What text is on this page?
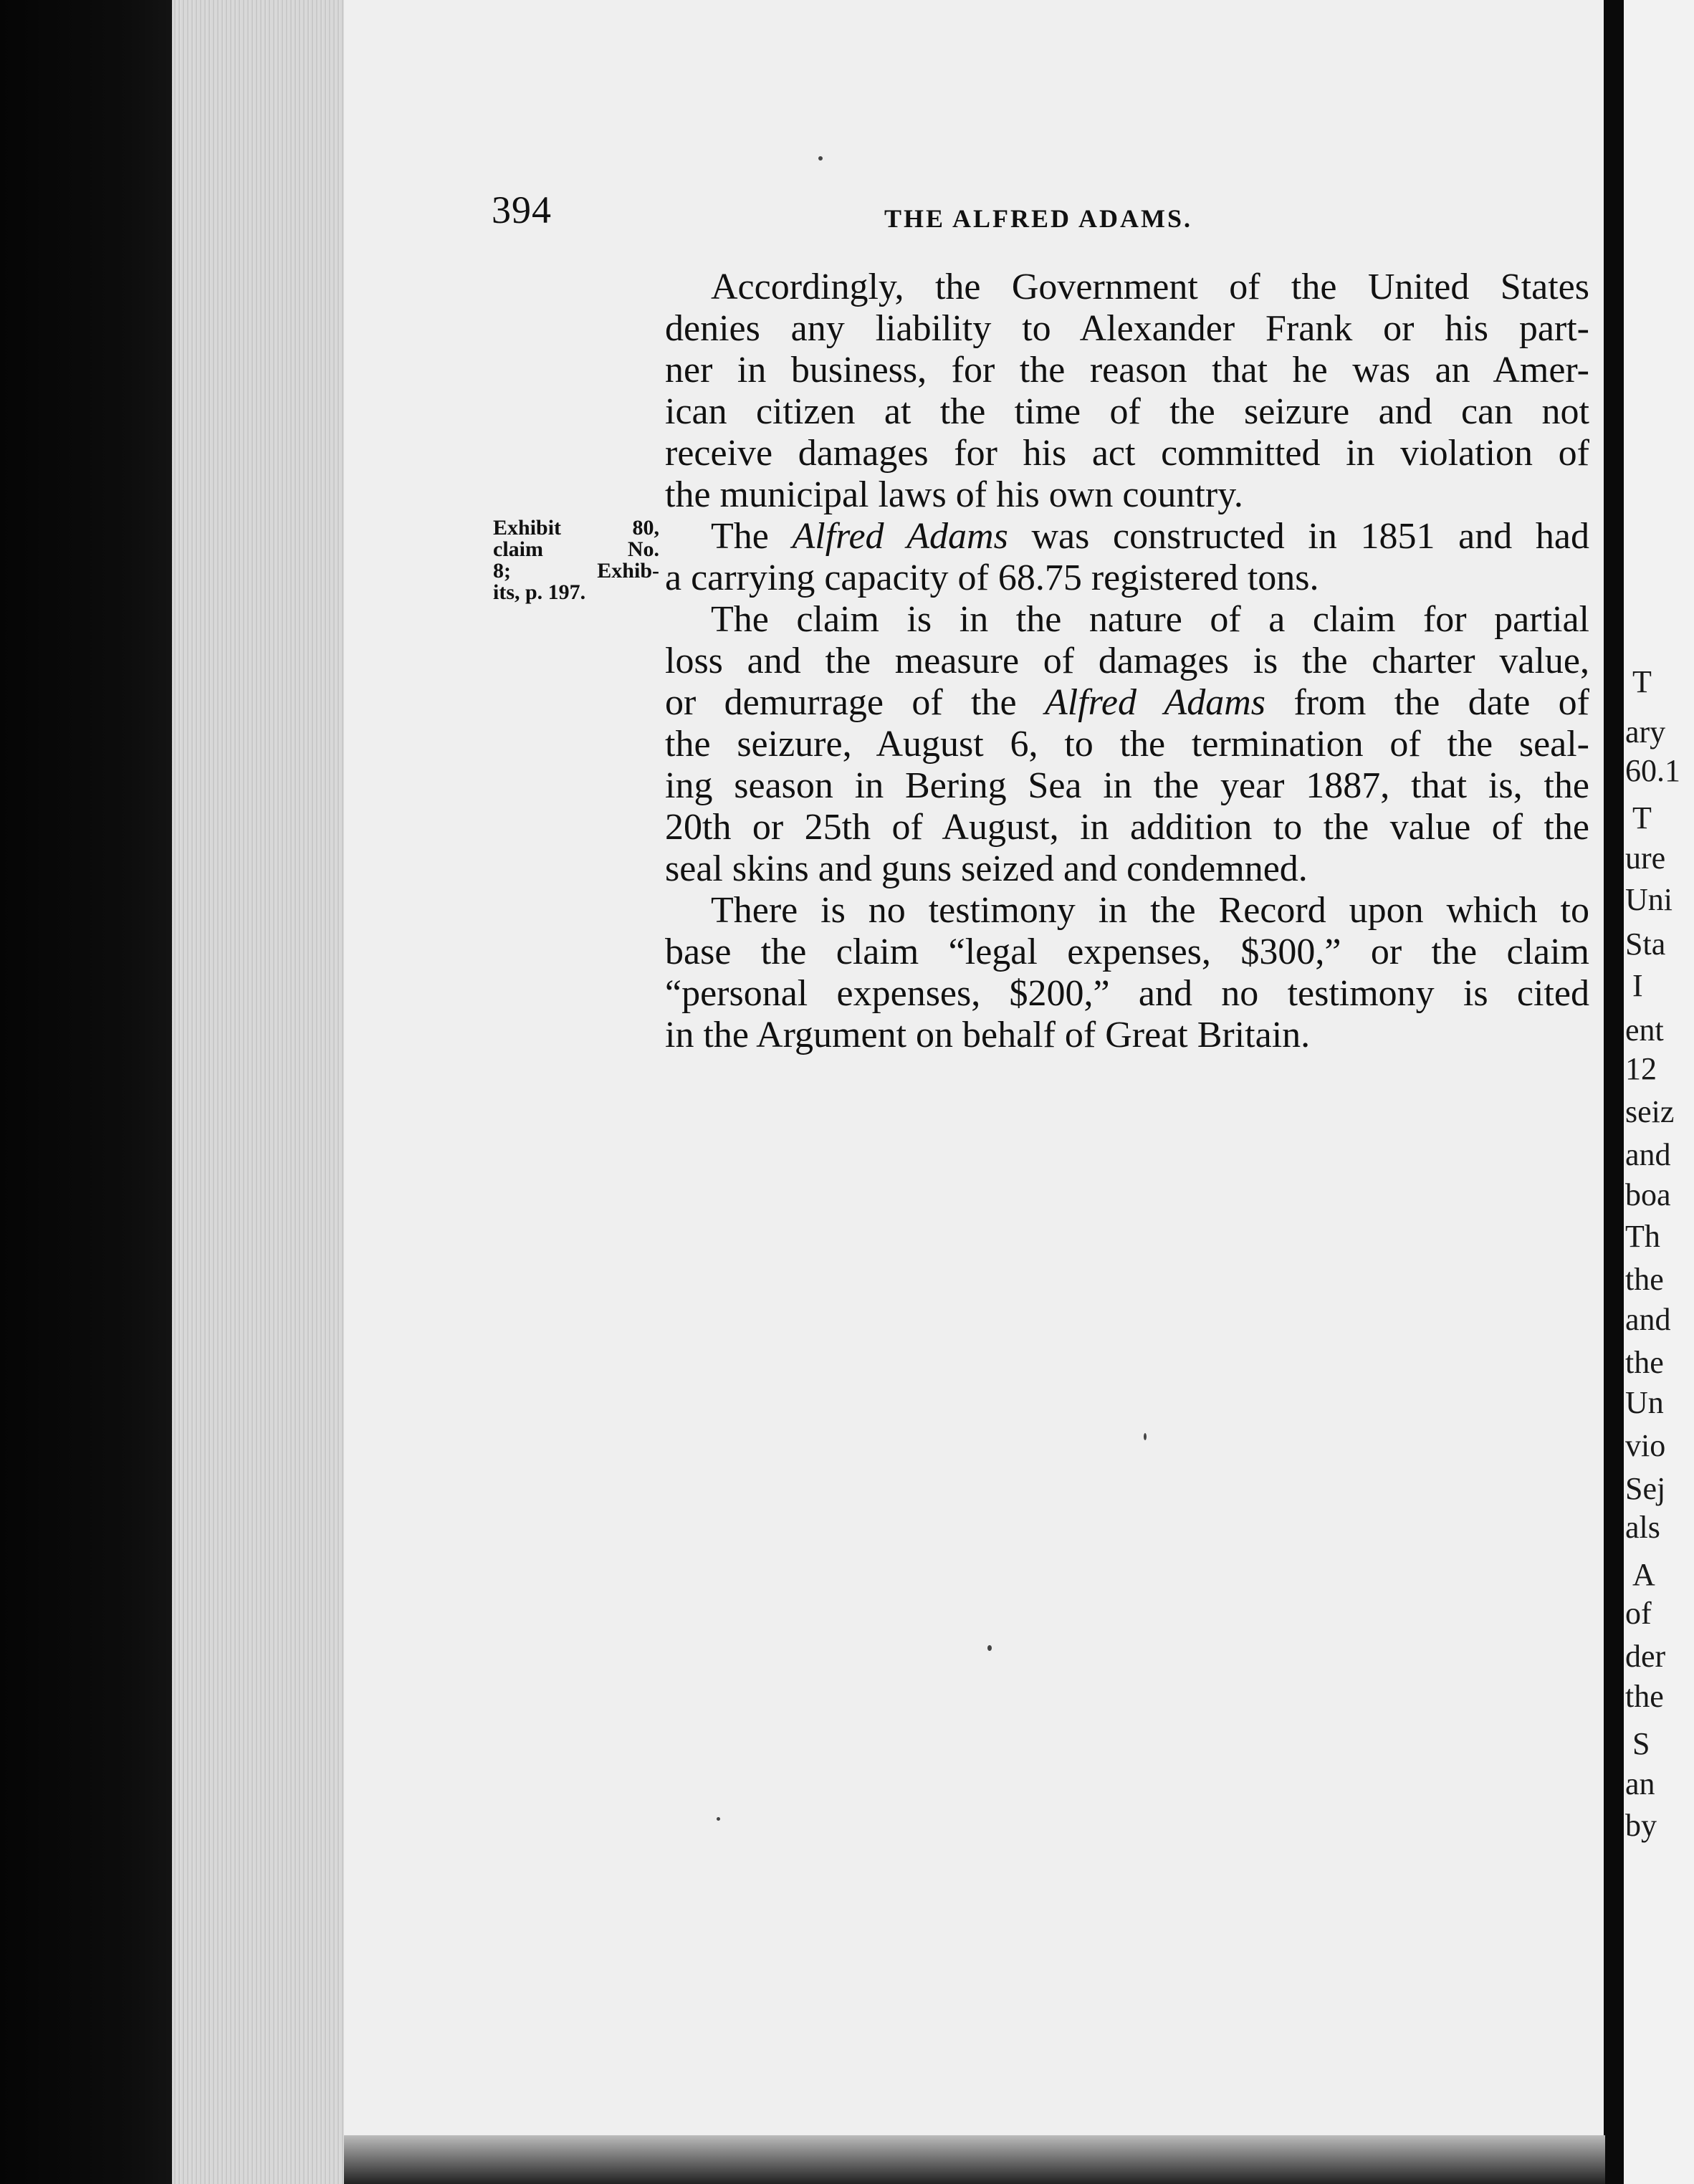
394	THE ALFRED ADAMS.
Exhibit 80,
claim No.
8; Exhib-
its, p. 197.

Accordingly, the Government of the United States
denies any liability to Alexander Frank or his part-
ner in business, for the reason that he was an Amer-
ican citizen at the time of the seizure and can not
receive damages for his act committed in violation of
the municipal laws of his own country.

The Alfred Adams was constructed in 1851 and had
a carrying capacity of 68.75 registered tons.

The claim is in the nature of a claim for partial
loss and the measure of damages is the charter value,
or demurrage of the Alfred Adams from the date of
the seizure, August 6, to the termination of the seal-
ing season in Bering Sea in the year 1887, that is, the
20th or 25th of August, in addition to the value of the
seal skins and guns seized and condemned.

There is no testimony in the Record upon which to
base the claim “legal expenses, $300,” or the claim
“personal expenses, $200,” and no testimony is cited
in the Argument on behalf of Great Britain.

T
ary
60.1
T
ure
Uni
Sta
I
ent
12
seiz
and
boa
Th
the
and
the
Un
vio
Sej
als
A
of
der
the
S
an
by
